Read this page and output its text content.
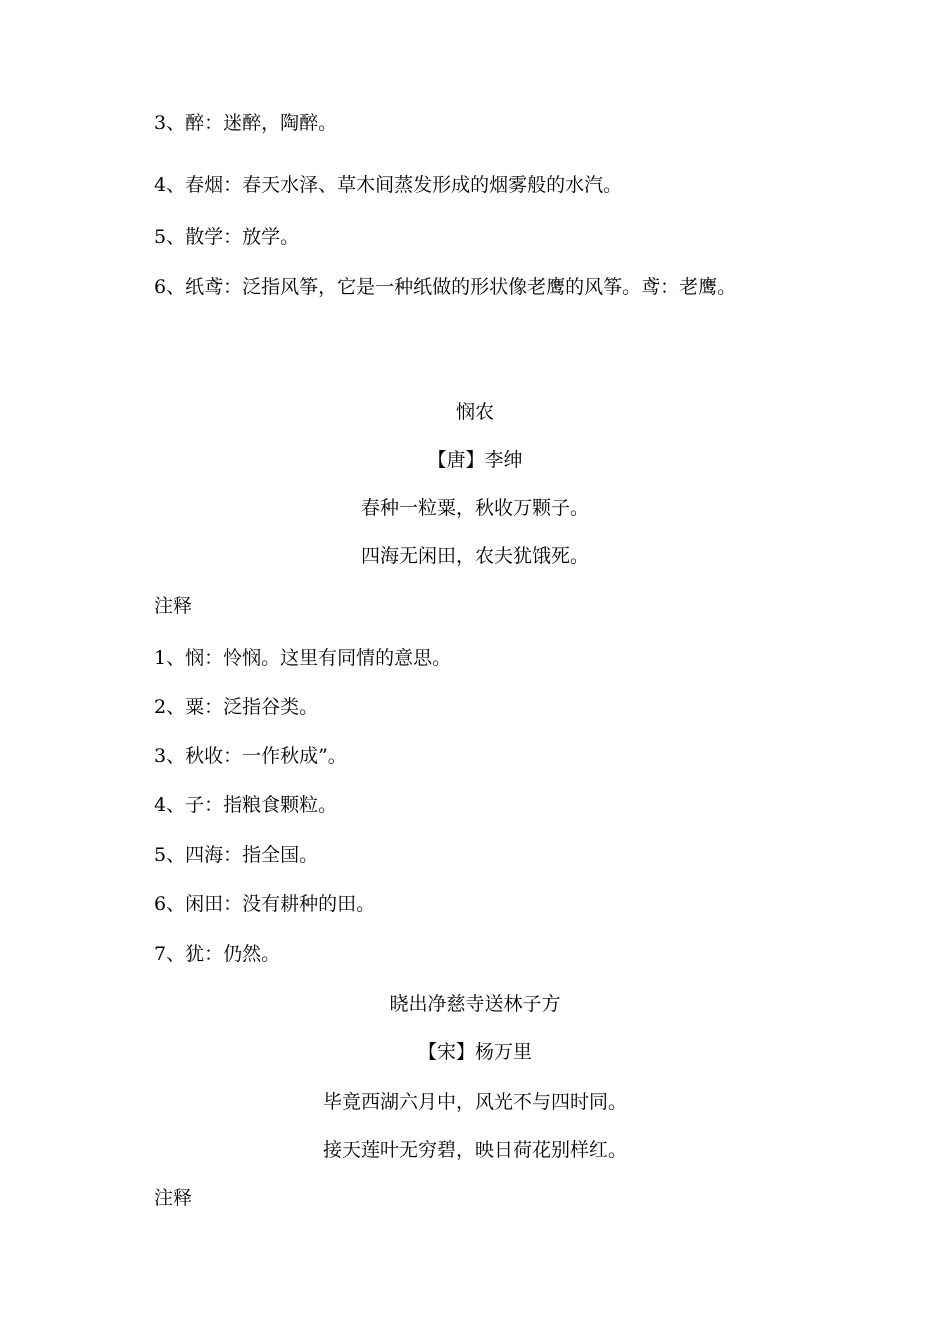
3、醉：迷醉，陶醉。
4、春烟：春天水泽、草木间蒸发形成的烟雾般的水汽。
5、散学：放学。
6、纸鸢：泛指风筝，它是一种纸做的形状像老鹰的风筝。鸢：老鹰。
悯农
【唐】李绅
春种一粒粟，秋收万颗子。
四海无闲田，农夫犹饿死。
注释
1、悯：怜悯。这里有同情的意思。
2、粟：泛指谷类。
3、秋收：一作秋成”。
4、子：指粮食颗粒。
5、四海：指全国。
6、闲田：没有耕种的田。
7、犹：仍然。
晓出净慈寺送林子方
【宋】杨万里
毕竟西湖六月中，风光不与四时同。
接天莲叶无穷碧，映日荷花别样红。
注释
